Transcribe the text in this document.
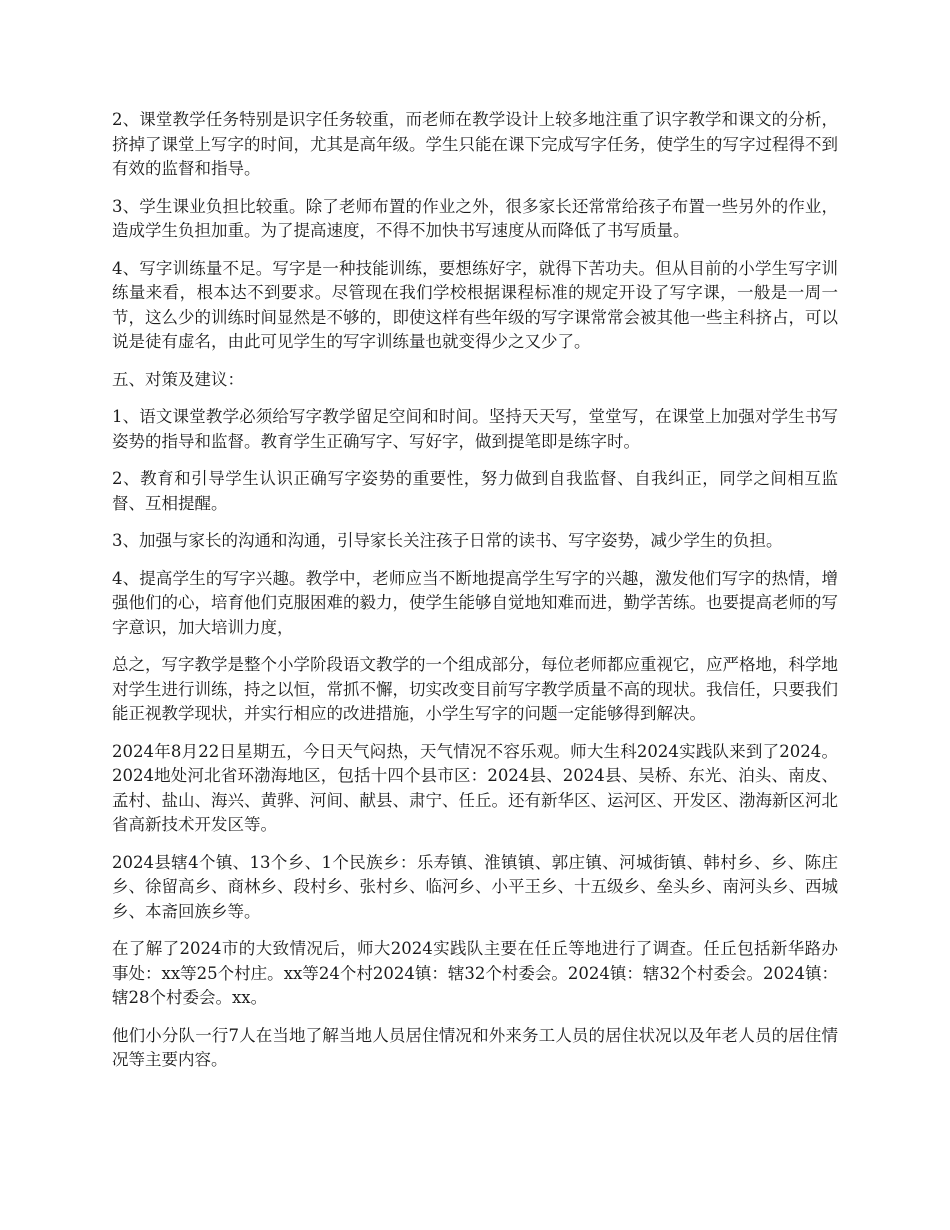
2、课堂教学任务特别是识字任务较重，而老师在教学设计上较多地注重了识字教学和课文的分析，挤掉了课堂上写字的时间，尤其是高年级。学生只能在课下完成写字任务，使学生的写字过程得不到有效的监督和指导。

3、学生课业负担比较重。除了老师布置的作业之外，很多家长还常常给孩子布置一些另外的作业，造成学生负担加重。为了提高速度，不得不加快书写速度从而降低了书写质量。

4、写字训练量不足。写字是一种技能训练，要想练好字，就得下苦功夫。但从目前的小学生写字训练量来看，根本达不到要求。尽管现在我们学校根据课程标准的规定开设了写字课，一般是一周一节，这么少的训练时间显然是不够的，即使这样有些年级的写字课常常会被其他一些主科挤占，可以说是徒有虚名，由此可见学生的写字训练量也就变得少之又少了。

五、对策及建议：

1、语文课堂教学必须给写字教学留足空间和时间。坚持天天写，堂堂写，在课堂上加强对学生书写姿势的指导和监督。教育学生正确写字、写好字，做到提笔即是练字时。

2、教育和引导学生认识正确写字姿势的重要性，努力做到自我监督、自我纠正，同学之间相互监督、互相提醒。

3、加强与家长的沟通和沟通，引导家长关注孩子日常的读书、写字姿势，减少学生的负担。

4、提高学生的写字兴趣。教学中，老师应当不断地提高学生写字的兴趣，激发他们写字的热情，增强他们的心，培育他们克服困难的毅力，使学生能够自觉地知难而进，勤学苦练。也要提高老师的写字意识，加大培训力度，

总之，写字教学是整个小学阶段语文教学的一个组成部分，每位老师都应重视它，应严格地，科学地对学生进行训练，持之以恒，常抓不懈，切实改变目前写字教学质量不高的现状。我信任，只要我们能正视教学现状，并实行相应的改进措施，小学生写字的问题一定能够得到解决。

2024年8月22日星期五，今日天气闷热，天气情况不容乐观。师大生科2024实践队来到了2024。2024地处河北省环渤海地区，包括十四个县市区：2024县、2024县、吴桥、东光、泊头、南皮、孟村、盐山、海兴、黄骅、河间、献县、肃宁、任丘。还有新华区、运河区、开发区、渤海新区河北省高新技术开发区等。

2024县辖4个镇、13个乡、1个民族乡：乐寿镇、淮镇镇、郭庄镇、河城街镇、韩村乡、乡、陈庄乡、徐留高乡、商林乡、段村乡、张村乡、临河乡、小平王乡、十五级乡、垒头乡、南河头乡、西城乡、本斋回族乡等。

在了解了2024市的大致情况后，师大2024实践队主要在任丘等地进行了调查。任丘包括新华路办事处：xx等25个村庄。xx等24个村2024镇：辖32个村委会。2024镇：辖32个村委会。2024镇：辖28个村委会。xx。

他们小分队一行7人在当地了解当地人员居住情况和外来务工人员的居住状况以及年老人员的居住情况等主要内容。
